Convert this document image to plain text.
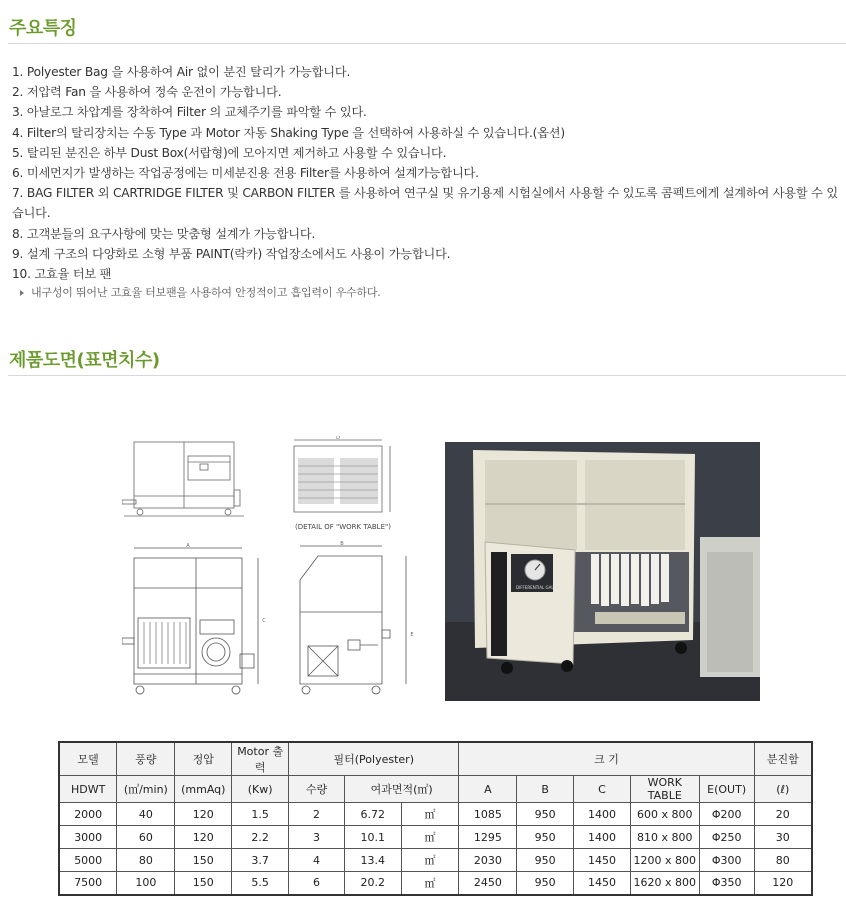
주요특징
1. Polyester Bag 을 사용하여 Air 없이 분진 탈리가 가능합니다.
2. 저압력 Fan 을 사용하여 정숙 운전이 가능합니다.
3. 아날로그 차압계를 장착하여 Filter 의 교체주기를 파악할 수 있다.
4. Filter의 탈리장치는 수동 Type 과 Motor 자동 Shaking Type 을 선택하여 사용하실 수 있습니다.(옵션)
5. 탈리된 분진은 하부 Dust Box(서랍형)에 모아지면 제거하고 사용할 수 있습니다.
6. 미세먼지가 발생하는 작업공정에는 미세분진용 전용 Filter를 사용하여 설계가능합니다.
7. BAG FILTER 외 CARTRIDGE FILTER 및 CARBON FILTER 를 사용하여 연구실 및 유기용제 시험실에서 사용할 수 있도록 콤펙트에게 설계하여 사용할 수 있습니다.
8. 고객분들의 요구사항에 맞는 맞춤형 설계가 가능합니다.
9. 설계 구조의 다양화로 소형 부품 PAINT(락카) 작업장소에서도 사용이 가능합니다.
10. 고효율 터보 팬
내구성이 뛰어난 고효율 터보팬을 사용하여 안정적이고 흡입력이 우수하다.
제품도면(표면치수)
D
(DETAIL OF "WORK TABLE")
A
C
B
E
DIFFERENTIAL GAUGE
모델	풍량	정압	Motor 출력	필터(Polyester)			크 기					분진함
HDWT	(㎥/min)	(mmAq)	(Kw)	수량	여과면적(㎡)		A	B	C	WORK TABLE	E(OUT)	(ℓ)
2000	40	120	1.5	2	6.72	㎡	1085	950	1400	600 x 800	Φ200	20
3000	60	120	2.2	3	10.1	㎡	1295	950	1400	810 x 800	Φ250	30
5000	80	150	3.7	4	13.4	㎡	2030	950	1450	1200 x 800	Φ300	80
7500	100	150	5.5	6	20.2	㎡	2450	950	1450	1620 x 800	Φ350	120
